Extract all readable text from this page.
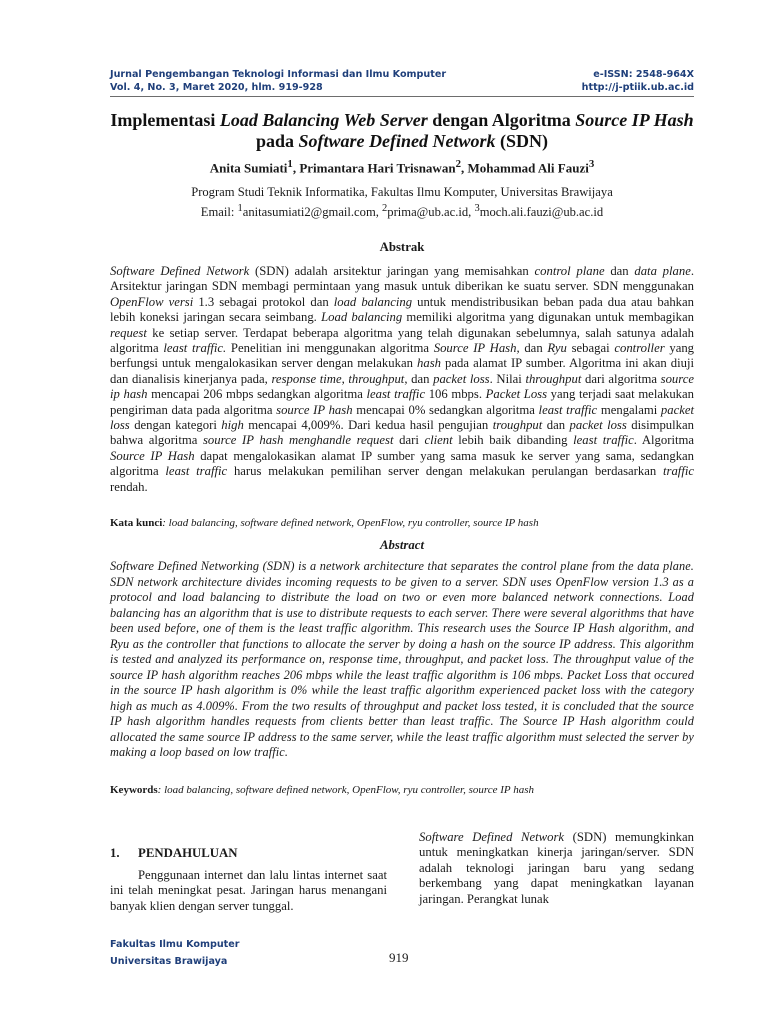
Jurnal Pengembangan Teknologi Informasi dan Ilmu Komputer
Vol. 4, No. 3, Maret 2020, hlm. 919-928
e-ISSN: 2548-964X
http://j-ptiik.ub.ac.id
Implementasi Load Balancing Web Server dengan Algoritma Source IP Hash pada Software Defined Network (SDN)
Anita Sumiati$^1$, Primantara Hari Trisnawan$^2$, Mohammad Ali Fauzi$^3$
Program Studi Teknik Informatika, Fakultas Ilmu Komputer, Universitas Brawijaya
Email: $^1$anitasumiati2@gmail.com, $^2$prima@ub.ac.id, $^3$moch.ali.fauzi@ub.ac.id
Abstrak
Software Defined Network (SDN) adalah arsitektur jaringan yang memisahkan control plane dan data plane. Arsitektur jaringan SDN membagi permintaan yang masuk untuk diberikan ke suatu server. SDN menggunakan OpenFlow versi 1.3 sebagai protokol dan load balancing untuk mendistribusikan beban pada dua atau bahkan lebih koneksi jaringan secara seimbang. Load balancing memiliki algoritma yang digunakan untuk membagikan request ke setiap server. Terdapat beberapa algoritma yang telah digunakan sebelumnya, salah satunya adalah algoritma least traffic. Penelitian ini menggunakan algoritma Source IP Hash, dan Ryu sebagai controller yang berfungsi untuk mengalokasikan server dengan melakukan hash pada alamat IP sumber. Algoritma ini akan diuji dan dianalisis kinerjanya pada, response time, throughput, dan packet loss. Nilai throughput dari algoritma source ip hash mencapai 206 mbps sedangkan algoritma least traffic 106 mbps. Packet Loss yang terjadi saat melakukan pengiriman data pada algoritma source IP hash mencapai 0% sedangkan algoritma least traffic mengalami packet loss dengan kategori high mencapai 4,009%. Dari kedua hasil pengujian troughput dan packet loss disimpulkan bahwa algoritma source IP hash menghandle request dari client lebih baik dibanding least traffic. Algoritma Source IP Hash dapat mengalokasikan alamat IP sumber yang sama masuk ke server yang sama, sedangkan algoritma least traffic harus melakukan pemilihan server dengan melakukan perulangan berdasarkan traffic rendah.
Kata kunci: load balancing, software defined network, OpenFlow, ryu controller, source IP hash
Abstract
Software Defined Networking (SDN) is a network architecture that separates the control plane from the data plane. SDN network architecture divides incoming requests to be given to a server. SDN uses OpenFlow version 1.3 as a protocol and load balancing to distribute the load on two or even more balanced network connections. Load balancing has an algorithm that is use to distribute requests to each server. There were several algorithms that have been used before, one of them is the least traffic algorithm. This research uses the Source IP Hash algorithm, and Ryu as the controller that functions to allocate the server by doing a hash on the source IP address. This algorithm is tested and analyzed its performance on, response time, throughput, and packet loss. The throughput value of the source IP hash algorithm reaches 206 mbps while the least traffic algorithm is 106 mbps. Packet Loss that occured in the source IP hash algorithm is 0% while the least traffic algorithm experienced packet loss with the category high as much as 4.009%. From the two results of throughput and packet loss tested, it is concluded that the source IP hash algorithm handles requests from clients better than least traffic. The Source IP Hash algorithm could allocated the same source IP address to the same server, while the least traffic algorithm must selected the server by making a loop based on low traffic.
Keywords: load balancing, software defined network, OpenFlow, ryu controller, source IP hash
1. PENDAHULUAN
Penggunaan internet dan lalu lintas internet saat ini telah meningkat pesat. Jaringan harus menangani banyak klien dengan server tunggal.
Software Defined Network (SDN) memungkinkan untuk meningkatkan kinerja jaringan/server. SDN adalah teknologi jaringan baru yang sedang berkembang yang dapat meningkatkan layanan jaringan. Perangkat lunak
Fakultas Ilmu Komputer
Universitas Brawijaya	919
